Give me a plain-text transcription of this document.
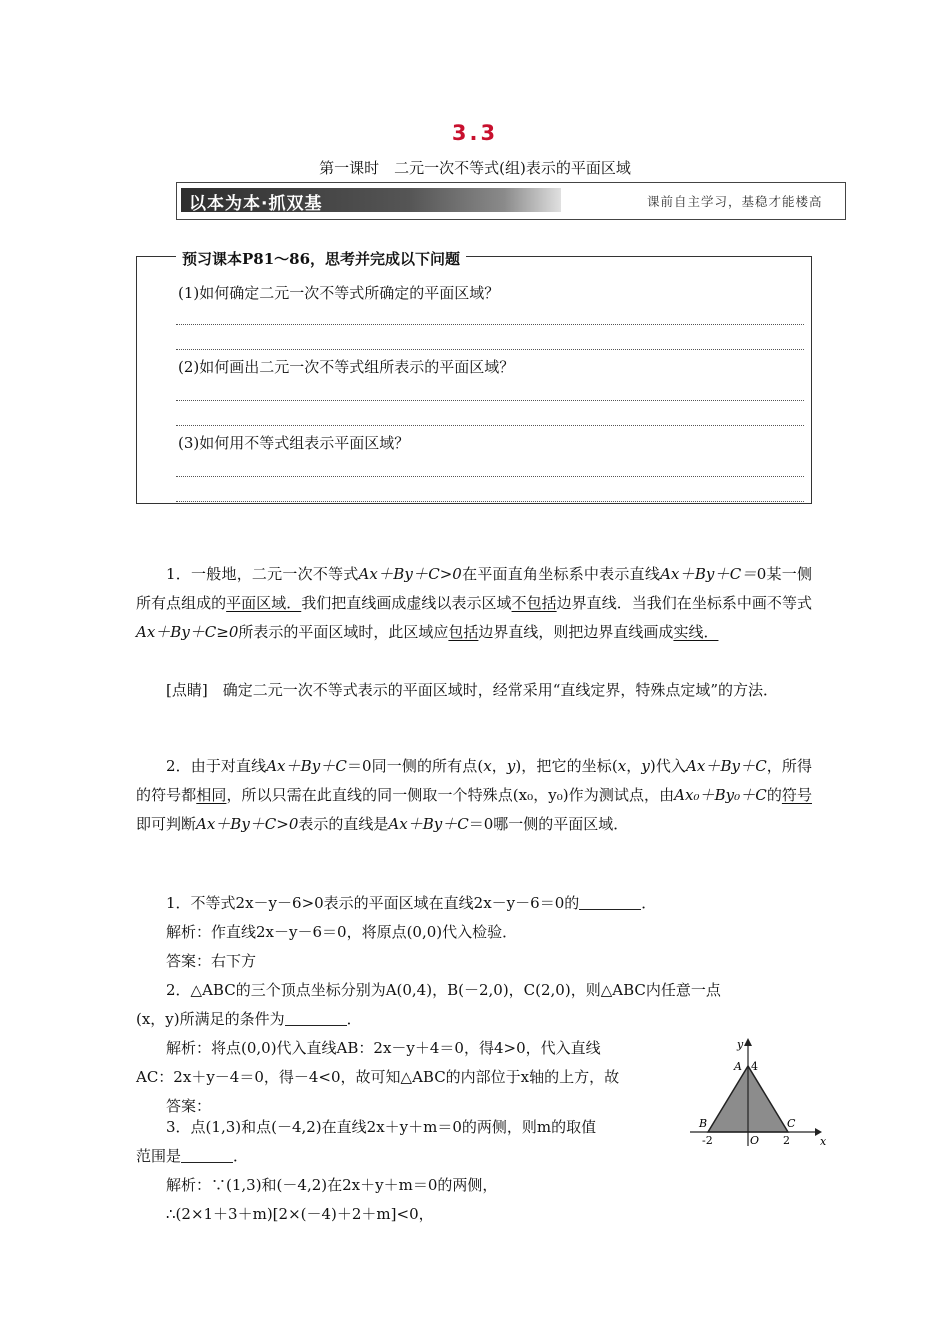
3.3
第一课时　二元一次不等式(组)表示的平面区域
以本为本·抓双基	课前自主学习，基稳才能楼高
预习课本P81～86，思考并完成以下问题
(1)如何确定二元一次不等式所确定的平面区域？
(2)如何画出二元一次不等式组所表示的平面区域？
(3)如何用不等式组表示平面区域？
1．一般地，二元一次不等式Ax＋By＋C>0在平面直角坐标系中表示直线Ax＋By＋C＝0某一侧所有点组成的平面区域．我们把直线画成虚线以表示区域不包括边界直线．当我们在坐标系中画不等式Ax＋By＋C≥0所表示的平面区域时，此区域应包括边界直线，则把边界直线画成实线．
[点睛]　确定二元一次不等式表示的平面区域时，经常采用“直线定界，特殊点定域”的方法．
2．由于对直线Ax＋By＋C＝0同一侧的所有点(x，y)，把它的坐标(x，y)代入Ax＋By＋C，所得的符号都相同，所以只需在此直线的同一侧取一个特殊点(x₀，y₀)作为测试点，由Ax₀＋By₀＋C的符号即可判断Ax＋By＋C>0表示的直线是Ax＋By＋C＝0哪一侧的平面区域．
1．不等式2x－y－6>0表示的平面区域在直线2x－y－6＝0的	．
解析：作直线2x－y－6＝0，将原点(0,0)代入检验．
答案：右下方
2．△ABC的三个顶点坐标分别为A(0,4)，B(－2,0)，C(2,0)，则△ABC内任意一点
(x，y)所满足的条件为	．
解析：将点(0,0)代入直线AB：2x－y＋4＝0，得4>0，代入直线
AC：2x＋y－4＝0，得－4<0，故可知△ABC的内部位于x轴的上方，故
答案：
3．点(1,3)和点(－4,2)在直线2x＋y＋m＝0的两侧，则m的取值
范围是	．
解析：∵(1,3)和(－4,2)在2x＋y＋m＝0的两侧，
∴(2×1＋3＋m)[2×(－4)＋2＋m]<0，
y
x
A 4
B	C
O
-2	2
